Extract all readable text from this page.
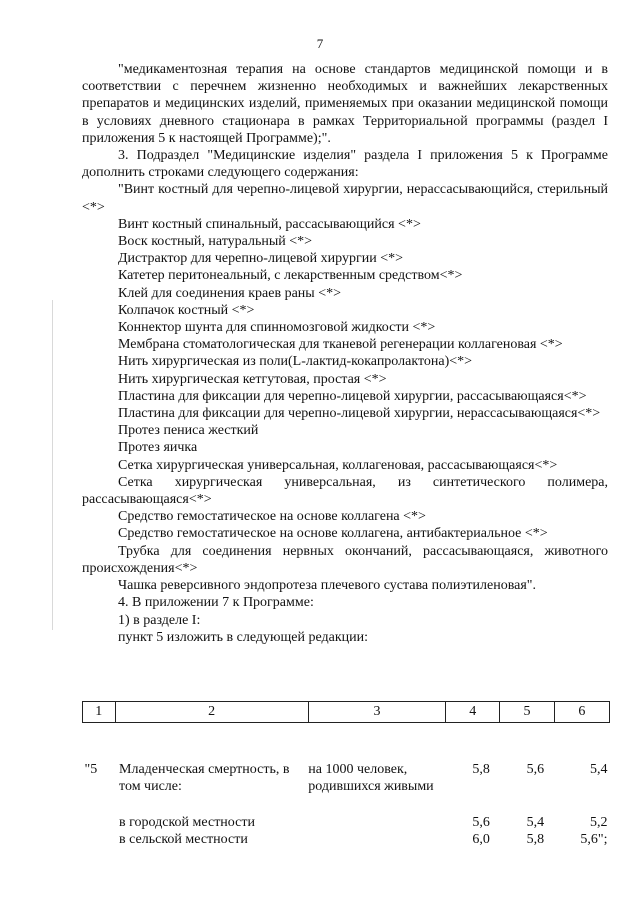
7

"медикаментозная терапия на основе стандартов медицинской помощи и в соответствии с перечнем жизненно необходимых и важнейших лекарственных препаратов и медицинских изделий, применяемых при оказании медицинской помощи в условиях дневного стационара в рамках Территориальной программы (раздел I приложения 5 к настоящей Программе);".

3. Подраздел "Медицинские изделия" раздела I приложения 5 к Программе дополнить строками следующего содержания:

"Винт костный для черепно-лицевой хирургии, нерассасывающийся, стерильный <*>

Винт костный спинальный, рассасывающийся <*>

Воск костный, натуральный <*>

Дистрактор для черепно-лицевой хирургии <*>

Катетер перитонеальный, с лекарственным средством<*>

Клей для соединения краев раны <*>

Колпачок костный <*>

Коннектор шунта для спинномозговой жидкости <*>

Мембрана стоматологическая для тканевой регенерации коллагеновая <*>

Нить хирургическая из поли(L-лактид-кокапролактона)<*>

Нить хирургическая кетгутовая, простая <*>

Пластина для фиксации для черепно-лицевой хирургии, рассасывающаяся<*>

Пластина для фиксации для черепно-лицевой хирургии, нерассасывающаяся<*>

Протез пениса жесткий

Протез яичка

Сетка хирургическая универсальная, коллагеновая, рассасывающаяся<*>

Сетка хирургическая универсальная, из синтетического полимера, рассасывающаяся<*>

Средство гемостатическое на основе коллагена <*>

Средство гемостатическое на основе коллагена, антибактериальное <*>

Трубка для соединения нервных окончаний, рассасывающаяся, животного происхождения<*>

Чашка реверсивного эндопротеза плечевого сустава полиэтиленовая".

4. В приложении 7 к Программе:

1) в разделе I:

пункт 5 изложить в следующей редакции:

1	2	3	4	5	6
"5	Младенческая смертность, в том числе:	на 1000 человек, родившихся живыми	5,8	5,6	5,4
	в городской местности		5,6	5,4	5,2
	в сельской местности		6,0	5,8	5,6";
